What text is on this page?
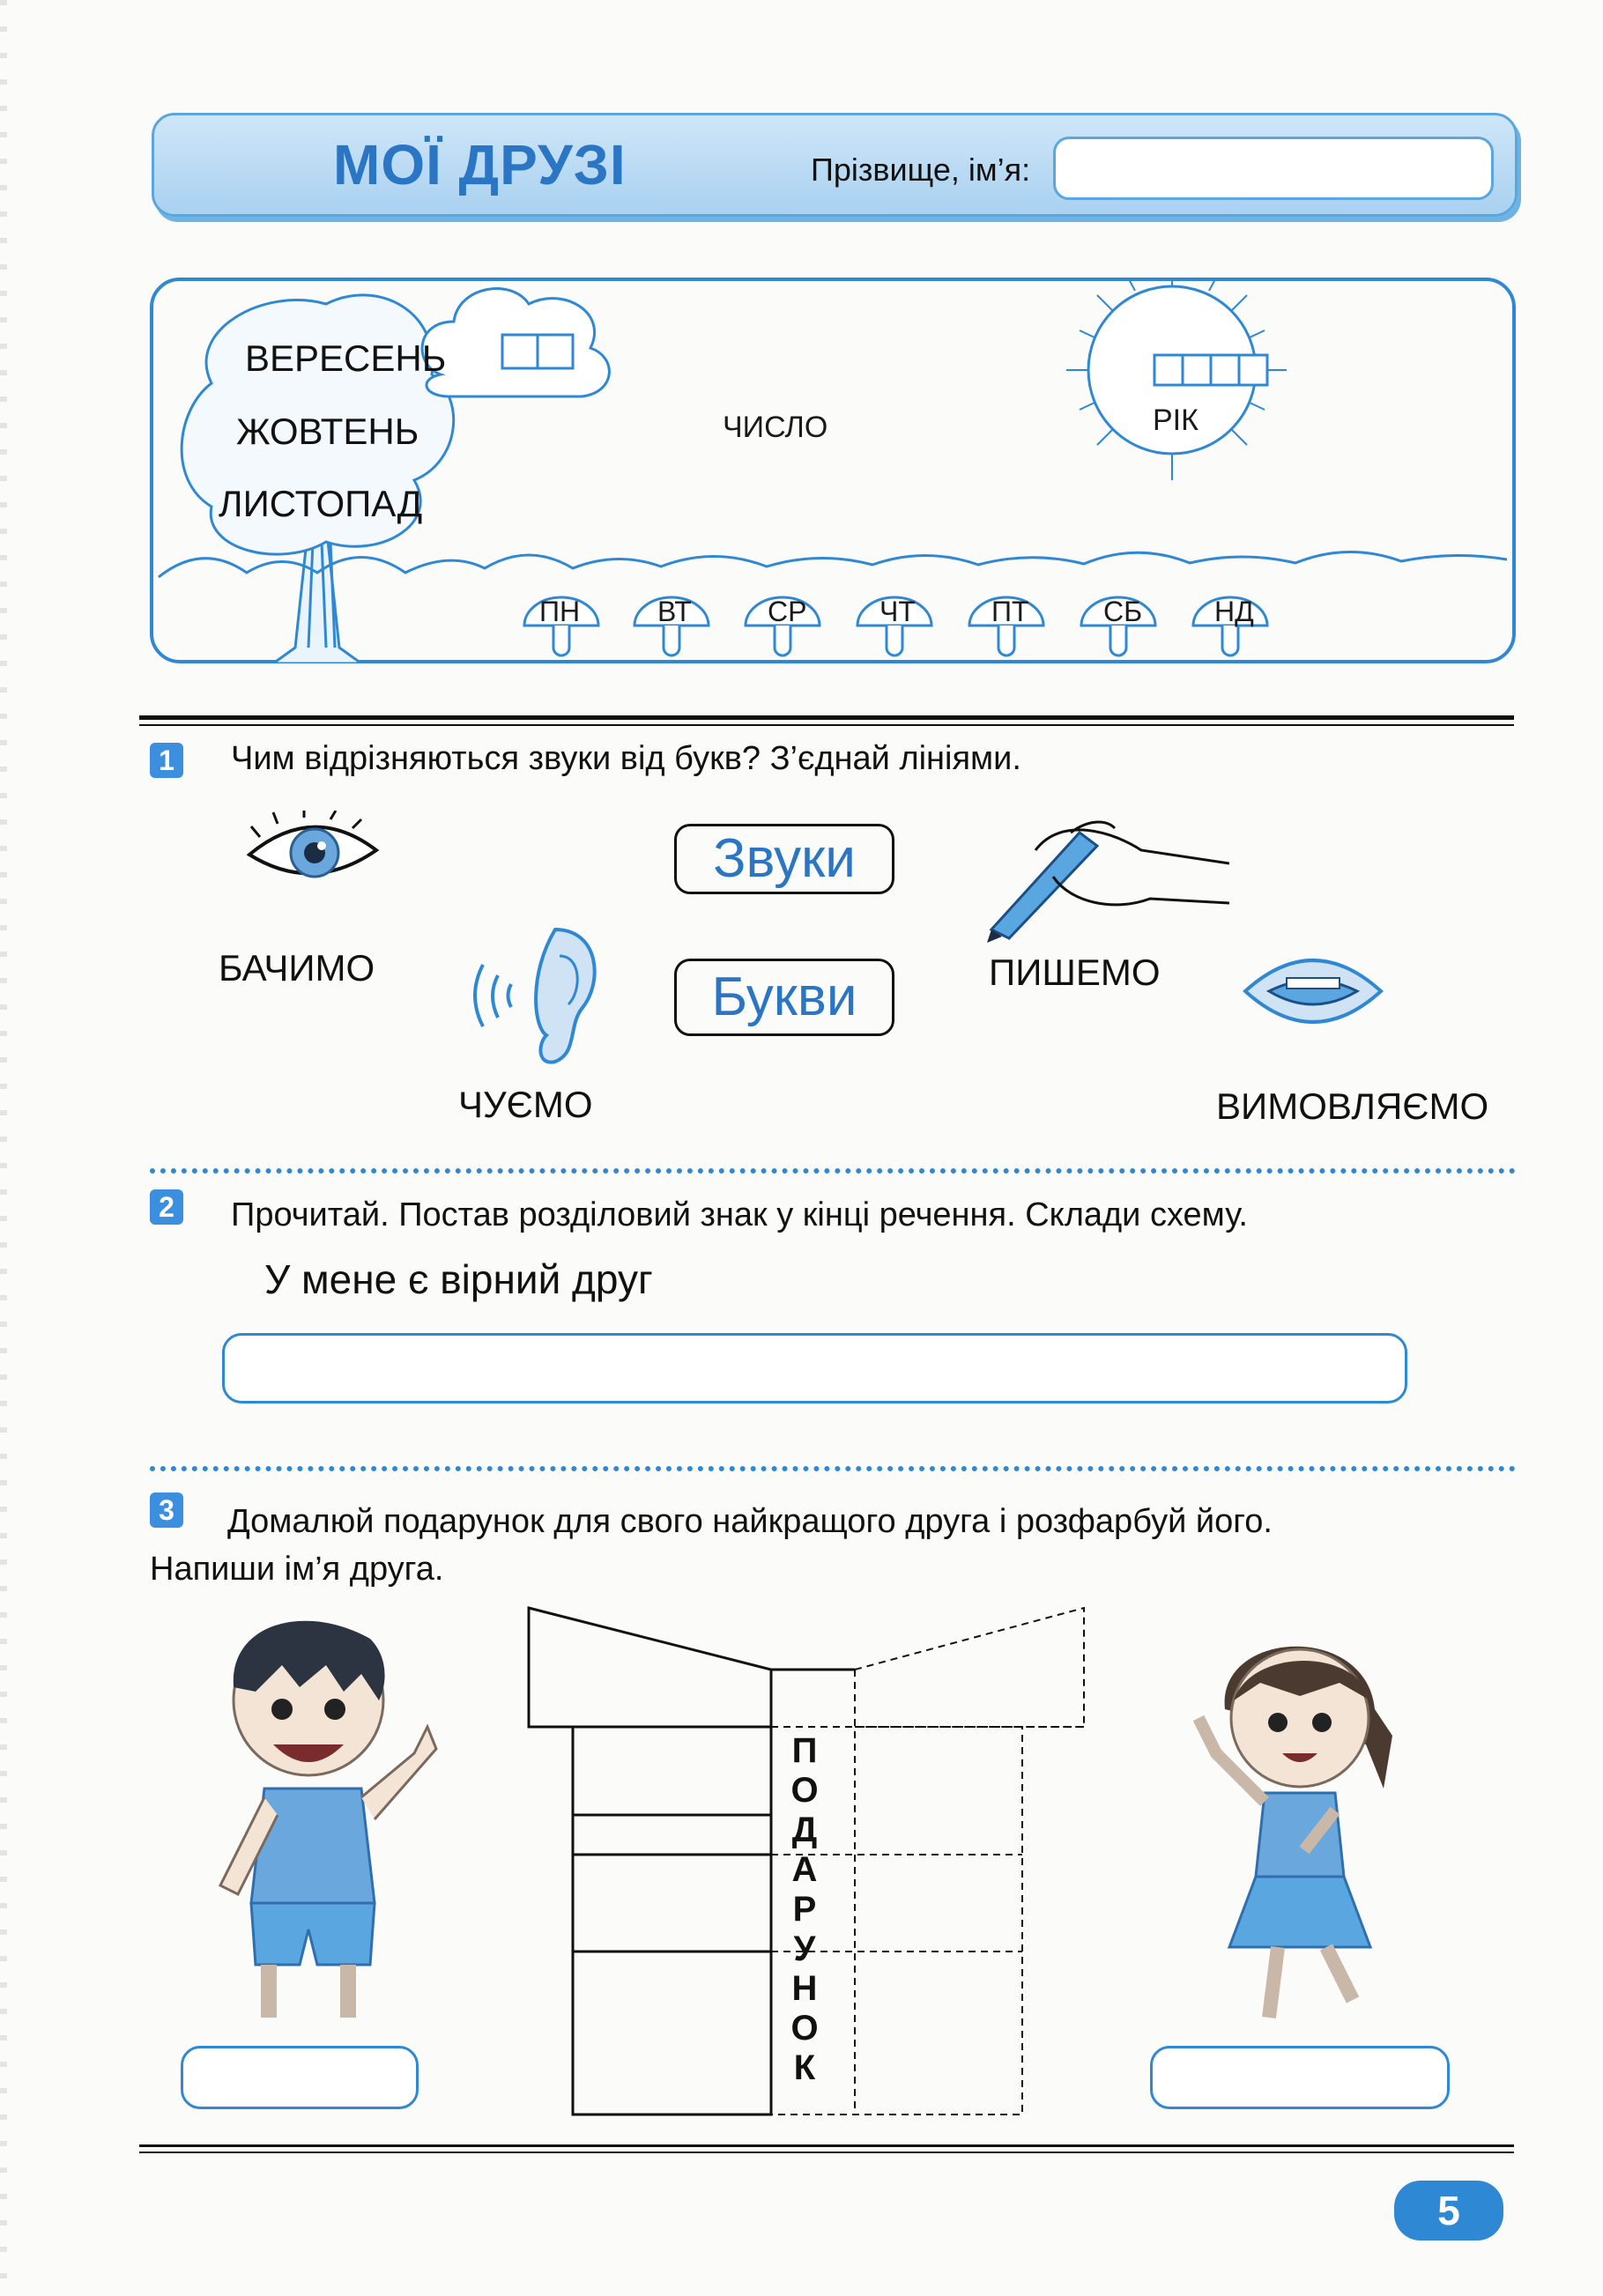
МОЇ ДРУЗІ	Прізвище, ім’я:
ВЕРЕСЕНЬ
ЖОВТЕНЬ
ЛИСТОПАД
ЧИСЛО	РІК
ПН	ВТ	СР	ЧТ	ПТ	СБ	НД
1 Чим відрізняються звуки від букв? З’єднай лініями.
БАЧИМО
ЧУЄМО
Звуки
Букви	ПИШЕМО
ВИМОВЛЯЄМО
2 Прочитай. Постав розділовий знак у кінці речення. Склади схему.
У мене є вірний друг
3 Домалюй подарунок для свого найкращого друга і розфарбуй його.
Напиши ім’я друга.
П
О
Д
А
Р
У
Н
О
К
5
